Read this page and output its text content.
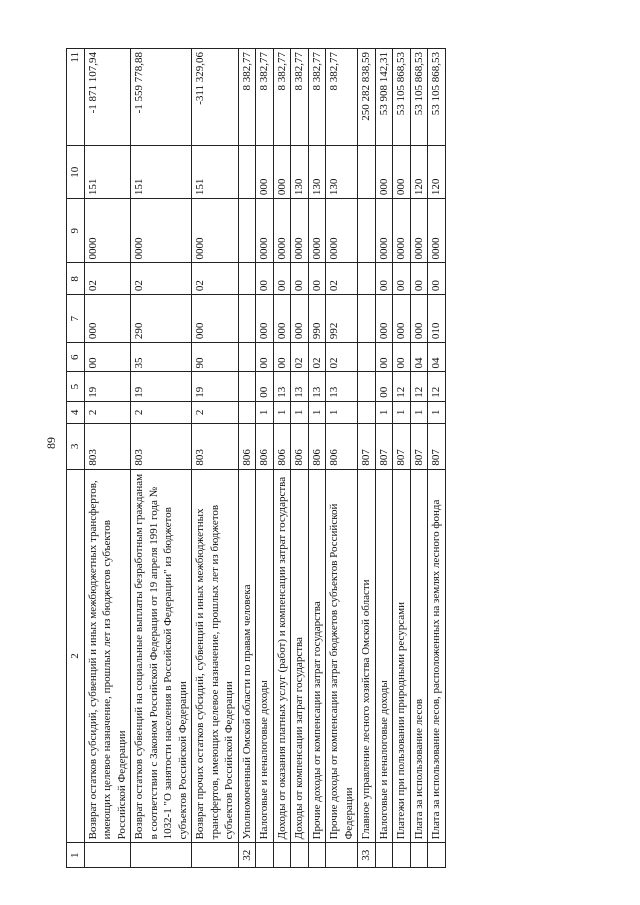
89
1	2	3	4	5	6	7	8	9	10	11
	Возврат остатков субсидий, субвенций и иных межбюджетных трансфертов, имеющих целевое назначение, прошлых лет из бюджетов субъектов Российской Федерации	803	2	19	00	000	02	0000	151	-1 871 107,94
	Возврат остатков субвенций на социальные выплаты безработным гражданам в соответствии с Законом Российской Федерации от 19 апреля 1991 года № 1032-1 "О занятости населения в Российской Федерации" из бюджетов субъектов Российской Федерации	803	2	19	35	290	02	0000	151	-1 559 778,88
	Возврат прочих остатков субсидий, субвенций и иных межбюджетных трансфертов, имеющих целевое назначение, прошлых лет из бюджетов субъектов Российской Федерации	803	2	19	90	000	02	0000	151	-311 329,06
32	Уполномоченный Омской области по правам человека	806								8 382,77
	Налоговые и неналоговые доходы	806	1	00	00	000	00	0000	000	8 382,77
	Доходы от оказания платных услуг (работ) и компенсации затрат государства	806	1	13	00	000	00	0000	000	8 382,77
	Доходы от компенсации затрат государства	806	1	13	02	000	00	0000	130	8 382,77
	Прочие доходы от компенсации затрат государства	806	1	13	02	990	00	0000	130	8 382,77
	Прочие доходы от компенсации затрат бюджетов субъектов Российской Федерации	806	1	13	02	992	02	0000	130	8 382,77
33	Главное управление лесного хозяйства Омской области	807								250 282 838,59
	Налоговые и неналоговые доходы	807	1	00	00	000	00	0000	000	53 908 142,31
	Платежи при пользовании природными ресурсами	807	1	12	00	000	00	0000	000	53 105 868,53
	Плата за использование лесов	807	1	12	04	000	00	0000	120	53 105 868,53
	Плата за использование лесов, расположенных на землях лесного фонда	807	1	12	04	010	00	0000	120	53 105 868,53
